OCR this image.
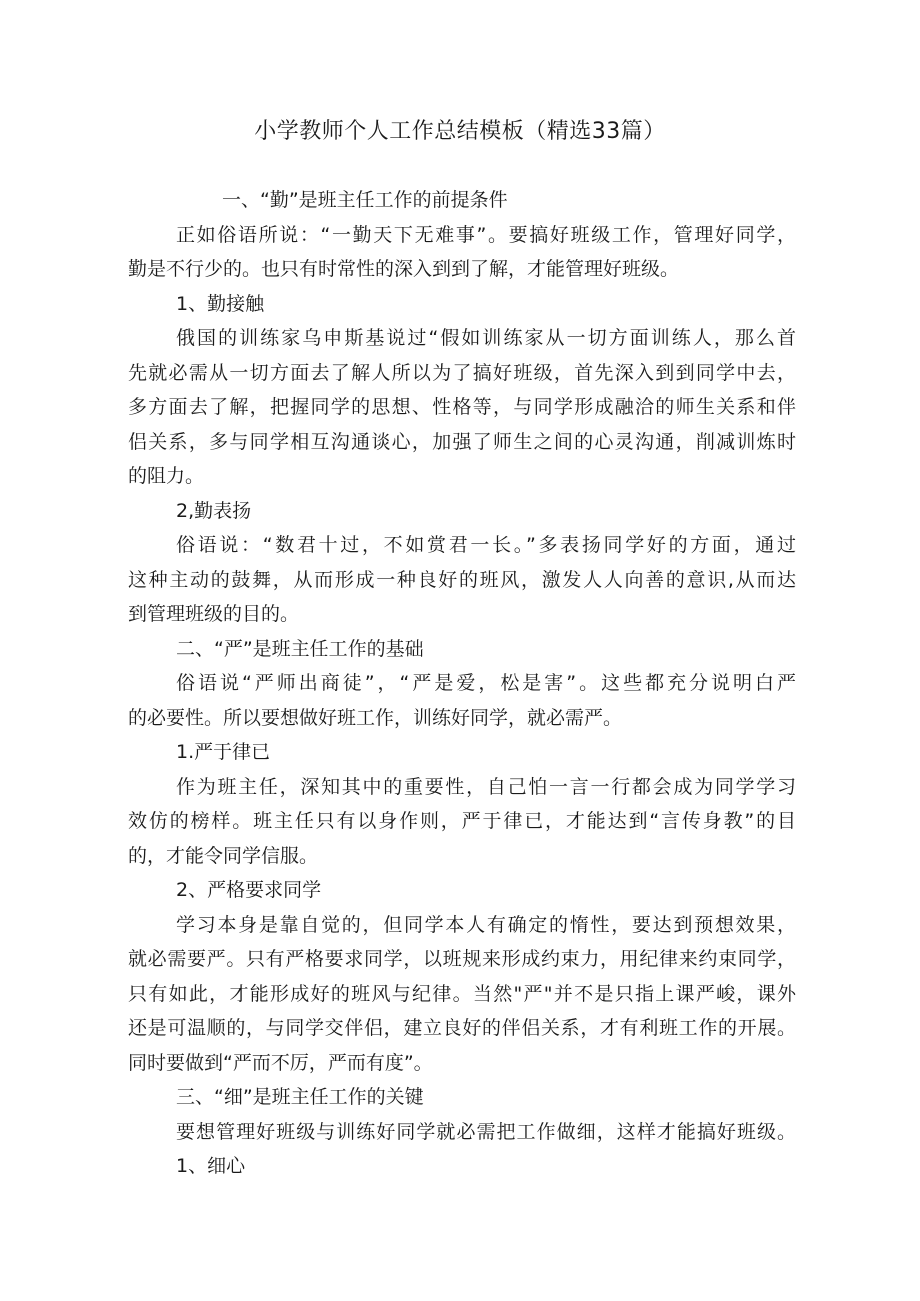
小学教师个人工作总结模板（精选33篇）
一、“勤”是班主任工作的前提条件
正如俗语所说：“一勤天下无难事”。要搞好班级工作，管理好同学，
勤是不行少的。也只有时常性的深入到到了解，才能管理好班级。
1、勤接触
俄国的训练家乌申斯基说过“假如训练家从一切方面训练人，那么首
先就必需从一切方面去了解人所以为了搞好班级，首先深入到到同学中去，
多方面去了解，把握同学的思想、性格等，与同学形成融洽的师生关系和伴
侣关系，多与同学相互沟通谈心，加强了师生之间的心灵沟通，削减训炼时
的阻力。
2,勤表扬
俗语说：“数君十过，不如赏君一长。”多表扬同学好的方面，通过
这种主动的鼓舞，从而形成一种良好的班风，激发人人向善的意识,从而达
到管理班级的目的。
二、“严”是班主任工作的基础
俗语说“严师出商徒”，“严是爱，松是害”。这些都充分说明白严
的必要性。所以要想做好班工作，训练好同学，就必需严。
1.严于律已
作为班主任，深知其中的重要性，自己怕一言一行都会成为同学学习
效仿的榜样。班主任只有以身作则，严于律已，才能达到“言传身教”的目
的，才能令同学信服。
2、严格要求同学
学习本身是靠自觉的，但同学本人有确定的惰性，要达到预想效果，
就必需要严。只有严格要求同学，以班规来形成约束力，用纪律来约束同学，
只有如此，才能形成好的班风与纪律。当然"严"并不是只指上课严峻，课外
还是可温顺的，与同学交伴侣，建立良好的伴侣关系，才有利班工作的开展。
同时要做到“严而不厉，严而有度”。
三、“细”是班主任工作的关键
要想管理好班级与训练好同学就必需把工作做细，这样才能搞好班级。
1、细心
